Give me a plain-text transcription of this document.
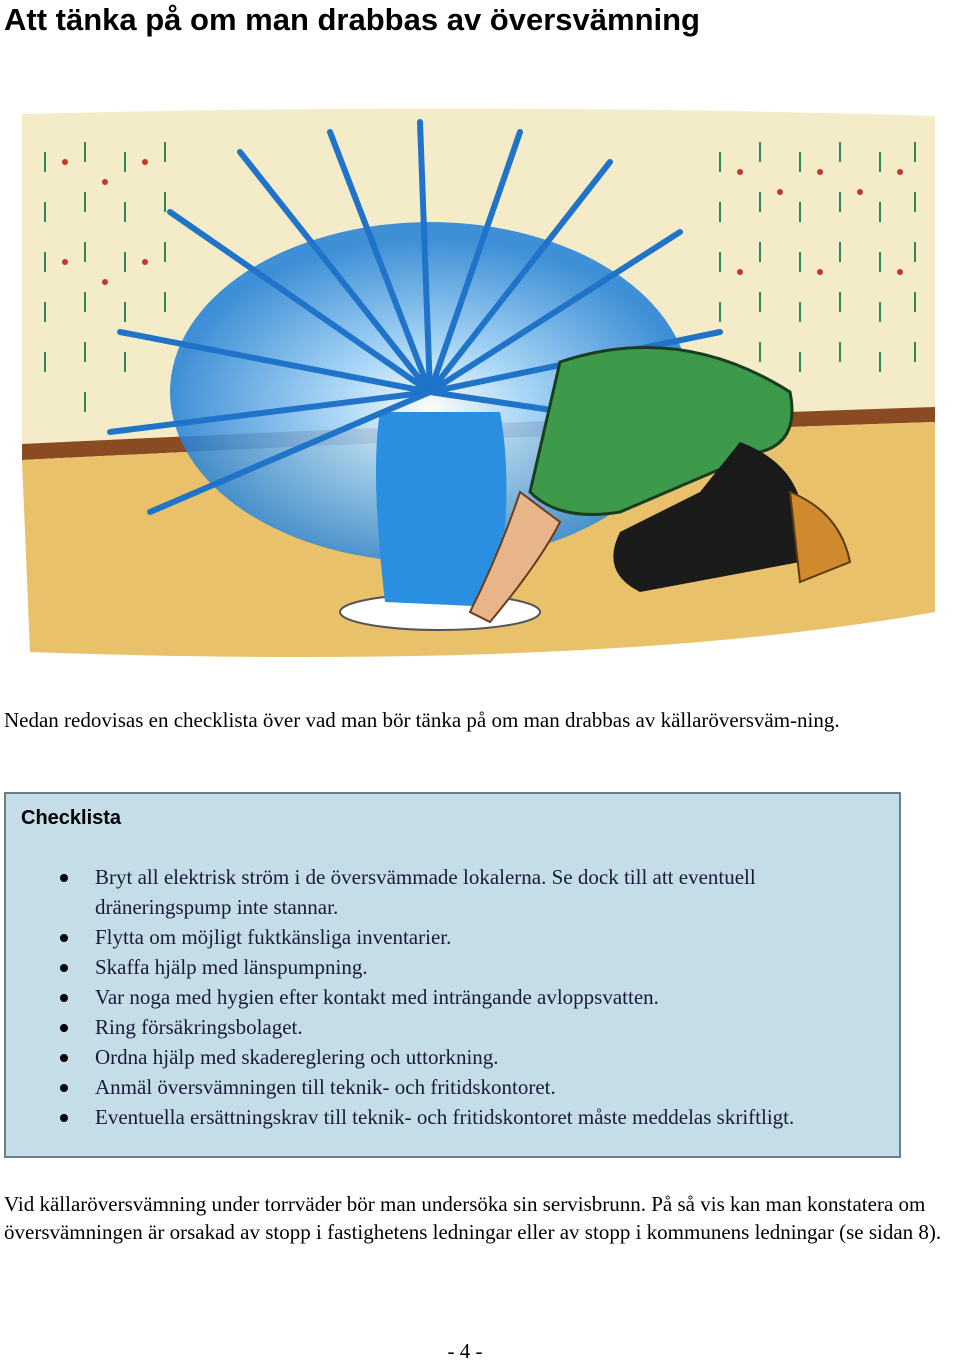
Att tänka på om man drabbas av översvämning
Nedan redovisas en checklista över vad man bör tänka på om man drabbas av källaröversväm-ning.
Checklista
Bryt all elektrisk ström i de översvämmade lokalerna. Se dock till att eventuell dräneringspump inte stannar.
Flytta om möjligt fuktkänsliga inventarier.
Skaffa hjälp med länspumpning.
Var noga med hygien efter kontakt med inträngande avloppsvatten.
Ring försäkringsbolaget.
Ordna hjälp med skadereglering och uttorkning.
Anmäl översvämningen till teknik- och fritidskontoret.
Eventuella ersättningskrav till teknik- och fritidskontoret måste meddelas skriftligt.
Vid källaröversvämning under torrväder bör man undersöka sin servisbrunn. På så vis kan man konstatera om översvämningen är orsakad av stopp i fastighetens ledningar eller av stopp i kommunens ledningar (se sidan 8).
- 4 -
